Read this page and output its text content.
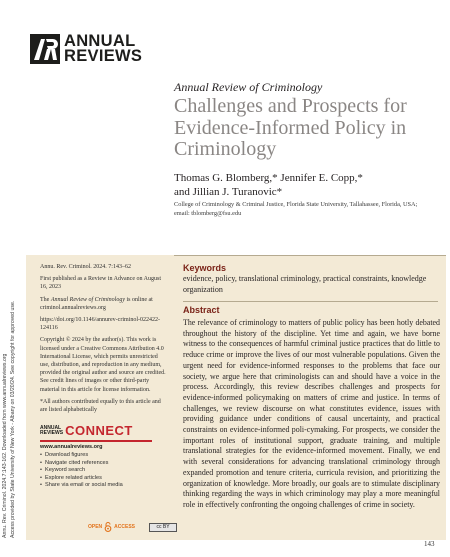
Annu. Rev. Criminol. 2024.7:143-162. Downloaded from www.annualreviews.org Access provided by State University of New York - Albany on 03/20/24. See copyright for approved use.
ANNUAL
REVIEWS
Annual Review of Criminology
Challenges and Prospects for Evidence-Informed Policy in Criminology
Thomas G. Blomberg,* Jennifer E. Copp,*
and Jillian J. Turanovic*
College of Criminology & Criminal Justice, Florida State University, Tallahassee, Florida, USA;
email: tblomberg@fsu.edu

Annu. Rev. Criminol. 2024. 7:143–62

First published as a Review in Advance on August 16, 2023

The Annual Review of Criminology is online at criminol.annualreviews.org

https://doi.org/10.1146/annurev-criminol-022422-124116

Copyright © 2024 by the author(s). This work is licensed under a Creative Commons Attribution 4.0 International License, which permits unrestricted use, distribution, and reproduction in any medium, provided the original author and source are credited. See credit lines of images or other third-party material in this article for license information.

*All authors contributed equally to this article and are listed alphabetically

Keywords
evidence, policy, translational criminology, practical constraints, knowledge organization
Abstract
The relevance of criminology to matters of public policy has been hotly debated throughout the history of the discipline. Yet time and again, we have borne witness to the consequences of harmful criminal justice practices that do little to reduce crime or improve the lives of our most vulnerable populations. Given the urgent need for evidence-informed responses to the problems that face our society, we argue here that criminologists can and should have a voice in the process. Accordingly, this review describes challenges and prospects for evidence-informed policymaking on matters of crime and justice. In terms of challenges, we review discourse on what constitutes evidence, issues with providing guidance under conditions of causal uncertainty, and practical constraints on evidence-informed poli-cymaking. For prospects, we consider the important roles of institutional support, graduate training, and multiple translational strategies for the evidence-informed movement. Finally, we end with several considerations for advancing translational criminology through expanded promotion and tenure criteria, curricula revision, and prioritizing the organization of knowledge. More broadly, our goals are to stimulate disciplinary thinking regarding the ways in which criminology may play a more meaningful role in effectively confronting the ongoing challenges of crime in society.
ANNUAL
REVIEWS CONNECT
www.annualreviews.org
• Download figures
• Navigate cited references
• Keyword search
• Explore related articles
• Share via email or social media
OPEN ACCESS	cc BY
143
